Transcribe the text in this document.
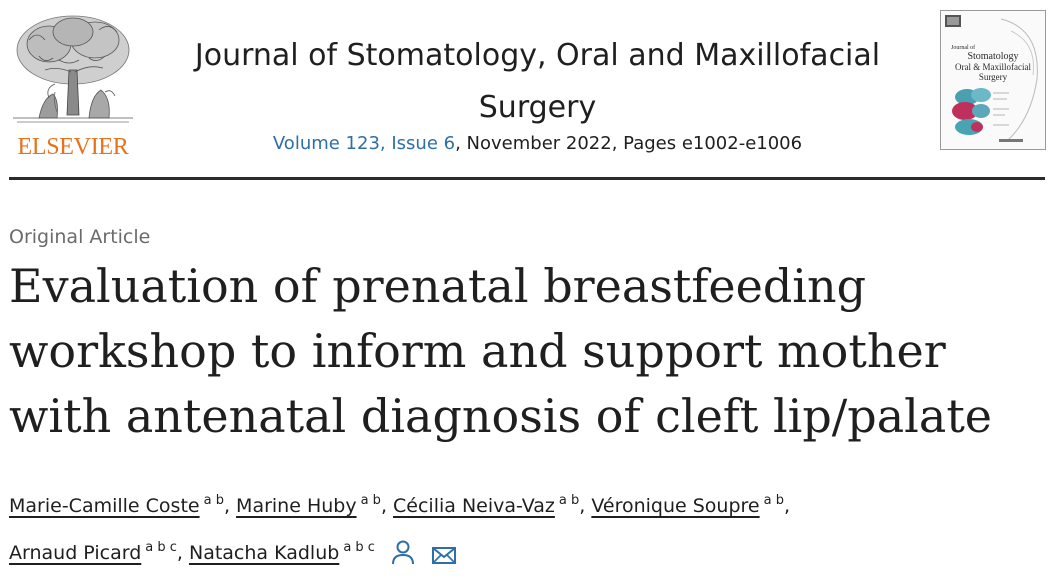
ELSEVIER
Journal of Stomatology, Oral and Maxillofacial Surgery
Volume 123, Issue 6, November 2022, Pages e1002-e1006
Journal of
Stomatology
Oral & Maxillofacial
Surgery
Original Article
Evaluation of prenatal breastfeeding workshop to inform and support mother with antenatal diagnosis of cleft lip/palate
Marie-Camille Coste $^{a b}$, Marine Huby $^{a b}$, Cécilia Neiva-Vaz $^{a b}$, Véronique Soupre $^{a b}$,
Arnaud Picard $^{a b c}$, Natacha Kadlub $^{a b c}$
